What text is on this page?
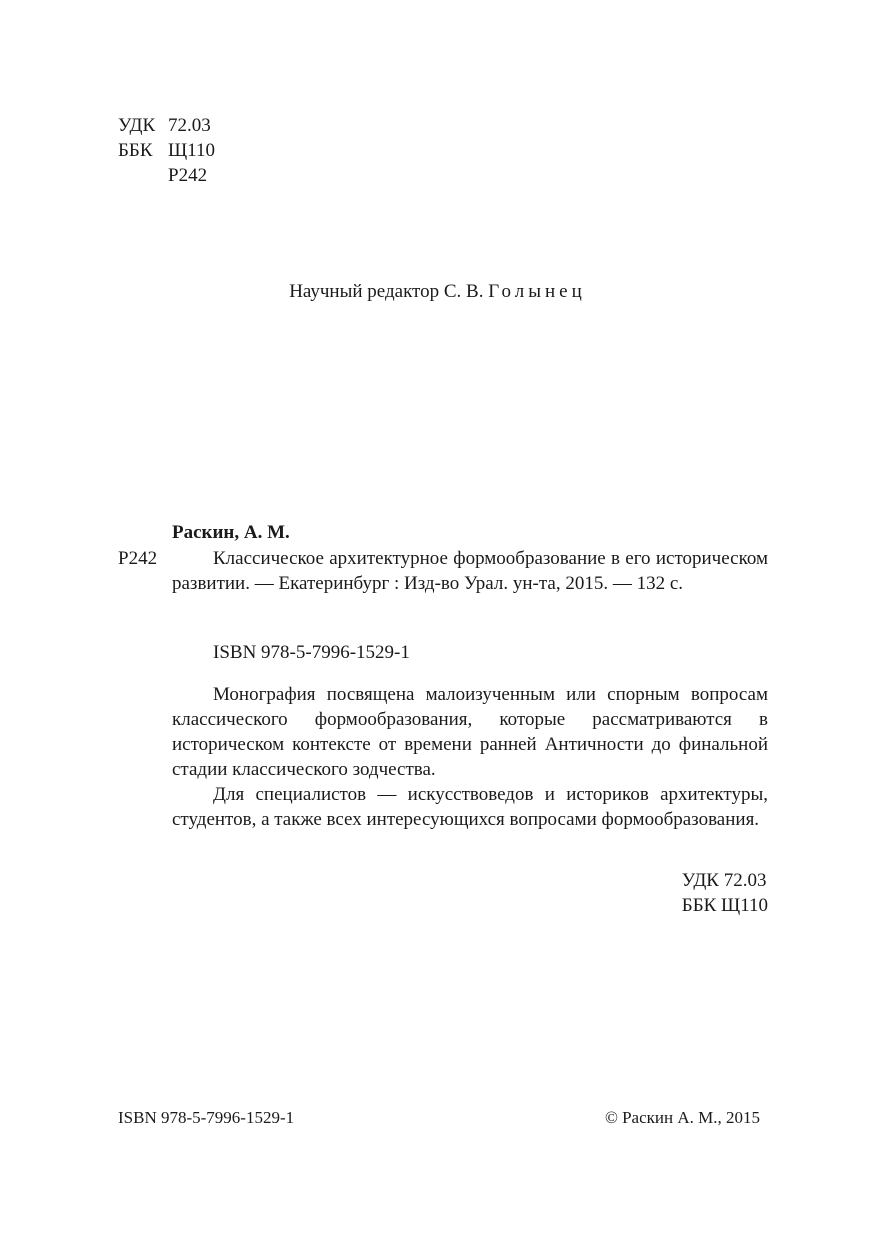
УДК 72.03
ББК Щ110
Р242
Научный редактор С. В. Голынец
Раскин, А. М.
Р242	Классическое архитектурное формообразование в его историческом развитии. — Екатеринбург : Изд-во Урал. ун-та, 2015. — 132 с.
ISBN 978-5-7996-1529-1

Монография посвящена малоизученным или спорным вопросам классического формообразования, которые рассматриваются в историческом контексте от времени ранней Античности до финальной стадии классического зодчества.

Для специалистов — искусствоведов и историков архитектуры, студентов, а также всех интересующихся вопросами формообразования.

УДК 72.03
ББК Щ110
ISBN 978-5-7996-1529-1	© Раскин А. М., 2015
